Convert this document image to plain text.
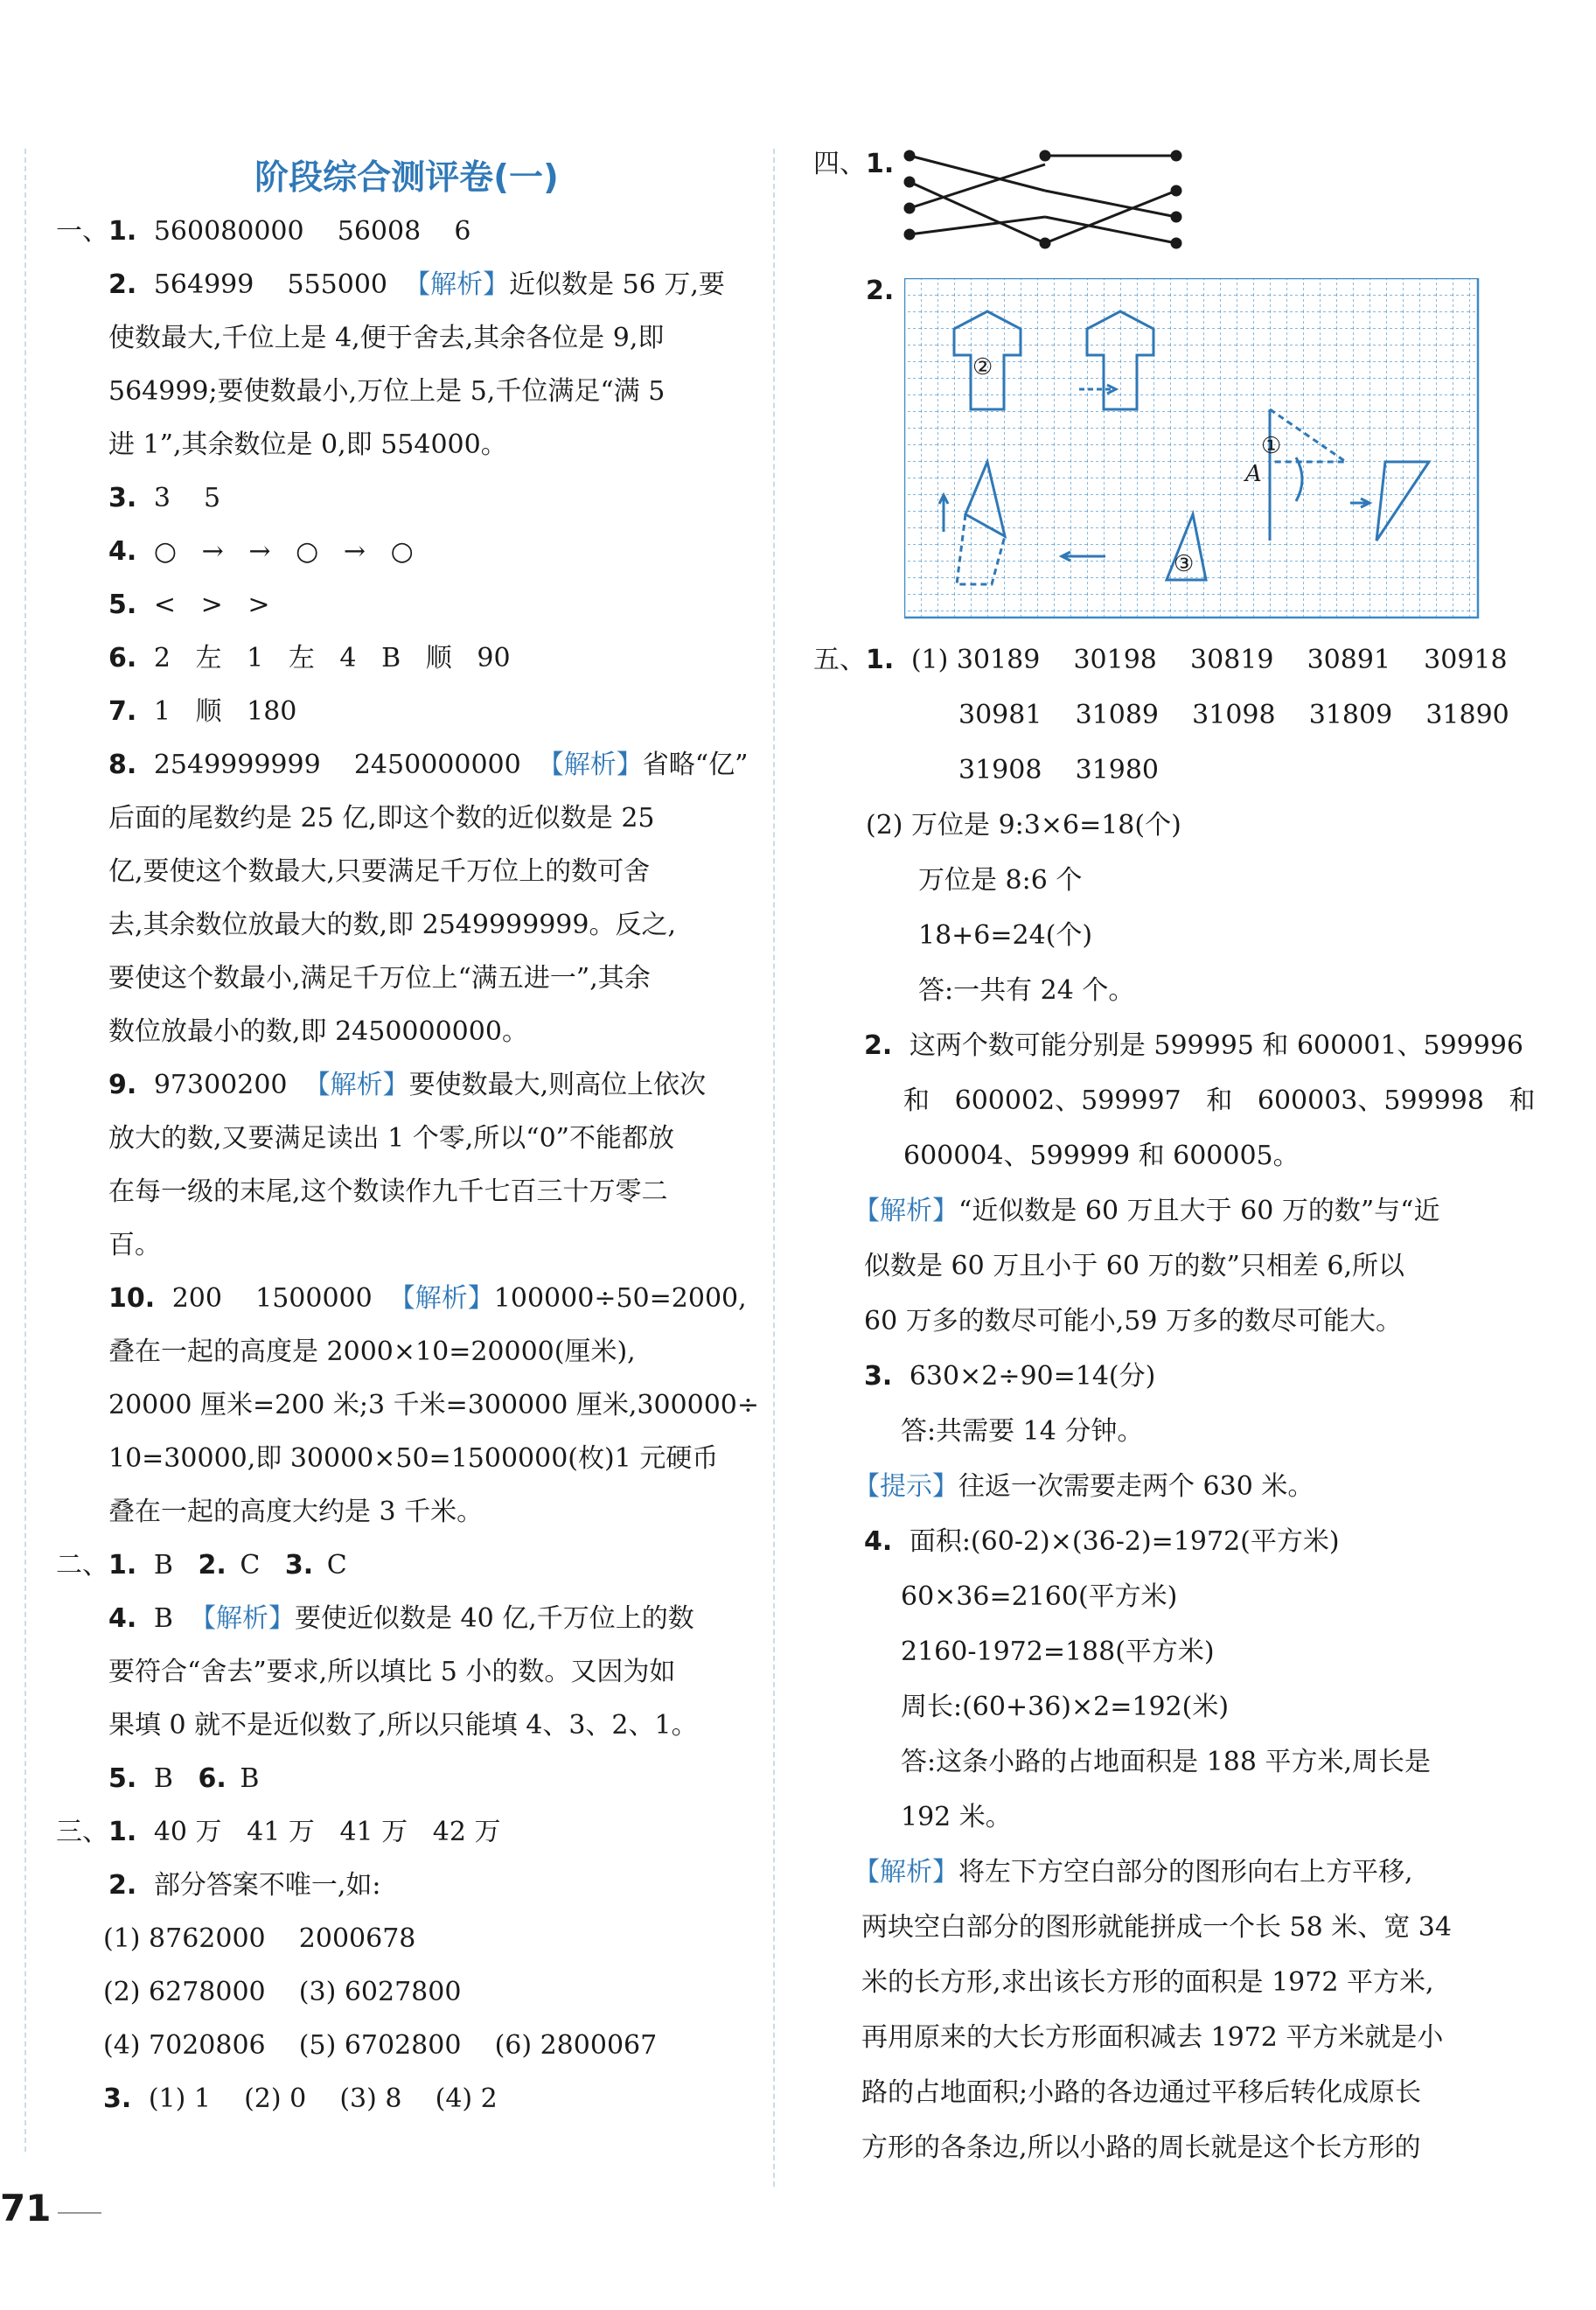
阶段综合测评卷(一)
一、1. 560080000    56008    6
2. 564999    555000  【解析】近似数是 56 万,要
使数最大,千位上是 4,便于舍去,其余各位是 9,即
564999;要使数最小,万位上是 5,千位满足“满 5
进 1”,其余数位是 0,即 554000。
3. 3    5
4. ○   →   →   ○   →   ○
5. <   >   >
6. 2   左   1   左   4   B   顺   90
7. 1   顺   180
8. 2549999999    2450000000  【解析】省略“亿”
后面的尾数约是 25 亿,即这个数的近似数是 25
亿,要使这个数最大,只要满足千万位上的数可舍
去,其余数位放最大的数,即 2549999999。反之,
要使这个数最小,满足千万位上“满五进一”,其余
数位放最小的数,即 2450000000。
9. 97300200  【解析】要使数最大,则高位上依次
放大的数,又要满足读出 1 个零,所以“0”不能都放
在每一级的末尾,这个数读作九千七百三十万零二
百。
10. 200    1500000  【解析】100000÷50=2000,
叠在一起的高度是 2000×10=20000(厘米),
20000 厘米=200 米;3 千米=300000 厘米,300000÷
10=30000,即 30000×50=1500000(枚)1 元硬币
叠在一起的高度大约是 3 千米。
二、1. B   2. C   3. C
4. B  【解析】要使近似数是 40 亿,千万位上的数
要符合“舍去”要求,所以填比 5 小的数。又因为如
果填 0 就不是近似数了,所以只能填 4、3、2、1。
5. B   6. B
三、1. 40 万   41 万   41 万   42 万
2. 部分答案不唯一,如:
(1) 8762000    2000678
(2) 6278000    (3) 6027800
(4) 7020806    (5) 6702800    (6) 2800067
3. (1) 1    (2) 0    (3) 8    (4) 2
四、1.
2.
②
①
A
③
五、1. (1) 30189    30198    30819    30891    30918
30981    31089    31098    31809    31890
31908    31980
(2) 万位是 9:3×6=18(个)
万位是 8:6 个
18+6=24(个)
答:一共有 24 个。
2. 这两个数可能分别是 599995 和 600001、599996
和   600002、599997   和   600003、599998   和
600004、599999 和 600005。
【解析】“近似数是 60 万且大于 60 万的数”与“近
似数是 60 万且小于 60 万的数”只相差 6,所以
60 万多的数尽可能小,59 万多的数尽可能大。
3. 630×2÷90=14(分)
答:共需要 14 分钟。
【提示】往返一次需要走两个 630 米。
4. 面积:(60-2)×(36-2)=1972(平方米)
60×36=2160(平方米)
2160-1972=188(平方米)
周长:(60+36)×2=192(米)
答:这条小路的占地面积是 188 平方米,周长是
192 米。
【解析】将左下方空白部分的图形向右上方平移,
两块空白部分的图形就能拼成一个长 58 米、宽 34
米的长方形,求出该长方形的面积是 1972 平方米,
再用原来的大长方形面积减去 1972 平方米就是小
路的占地面积;小路的各边通过平移后转化成原长
方形的各条边,所以小路的周长就是这个长方形的
71
